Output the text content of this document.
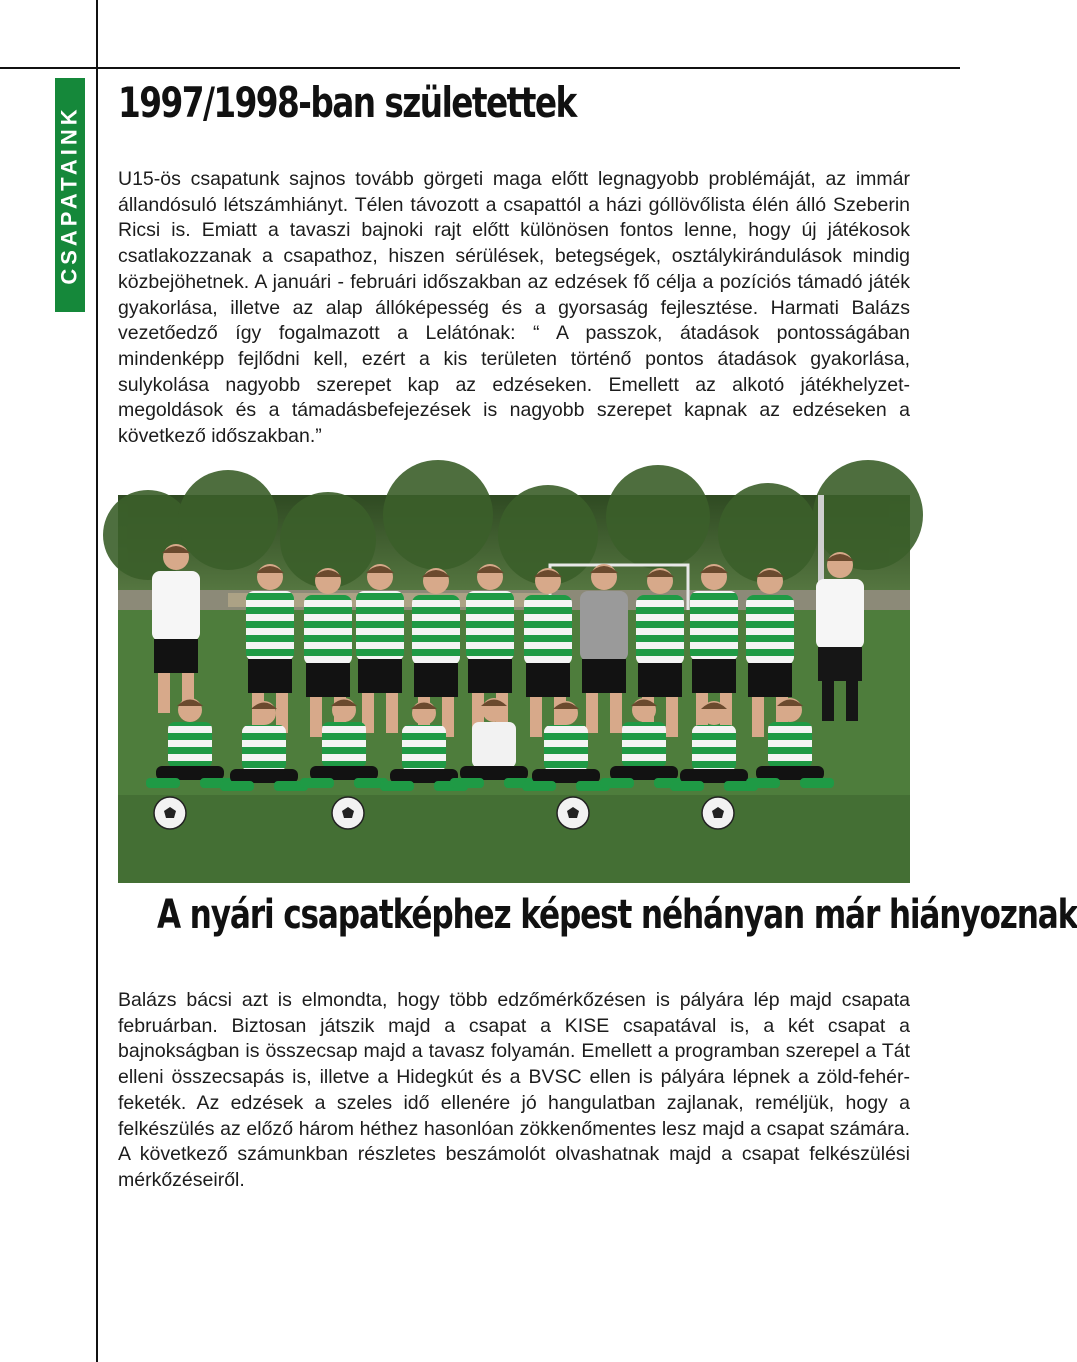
CSAPATAINK
1997/1998-ban születettek

U15-ös csapatunk sajnos tovább görgeti maga előtt legnagyobb problémáját, az immár állandósuló létszámhiányt. Télen távozott a csapattól a házi góllövőlista élén álló Szeberin Ricsi is. Emiatt a tavaszi bajnoki rajt előtt különösen fontos lenne, hogy új játékosok csatlakozzanak a csapathoz, hiszen sérülések, betegségek, osztálykirándulások mindig közbejöhetnek. A januári - februári időszakban az edzések fő célja a pozíciós támadó játék gyakorlása, illetve az alap állóképesség és a gyorsaság fejlesztése. Harmati Balázs vezetőedző így fogalmazott a Lelátónak: “ A passzok, átadások pontosságában mindenképp fejlődni kell, ezért a kis területen történő pontos átadások gyakorlása, sulykolása nagyobb szerepet kap az edzéseken. Emellett az alkotó játékhelyzet-megoldások és a támadásbefejezések is nagyobb szerepet kapnak az edzéseken a következő időszakban.”

A nyári csapatképhez képest néhányan már hiányoznak

Balázs bácsi azt is elmondta, hogy több edzőmérkőzésen is pályára lép majd csapata februárban. Biztosan játszik majd a csapat a KISE csapatával is, a két csapat a bajnokságban is összecsap majd a tavasz folyamán. Emellett a programban szerepel a Tát elleni összecsapás is, illetve a Hidegkút és a BVSC ellen is pályára lépnek a zöld-fehér-feketék. Az edzések a szeles idő ellenére jó hangulatban zajlanak, reméljük, hogy a felkészülés az előző három héthez hasonlóan zökkenőmentes lesz majd a csapat számára. A következő számunkban részletes beszámolót olvashatnak majd a csapat felkészülési mérkőzéseiről.
